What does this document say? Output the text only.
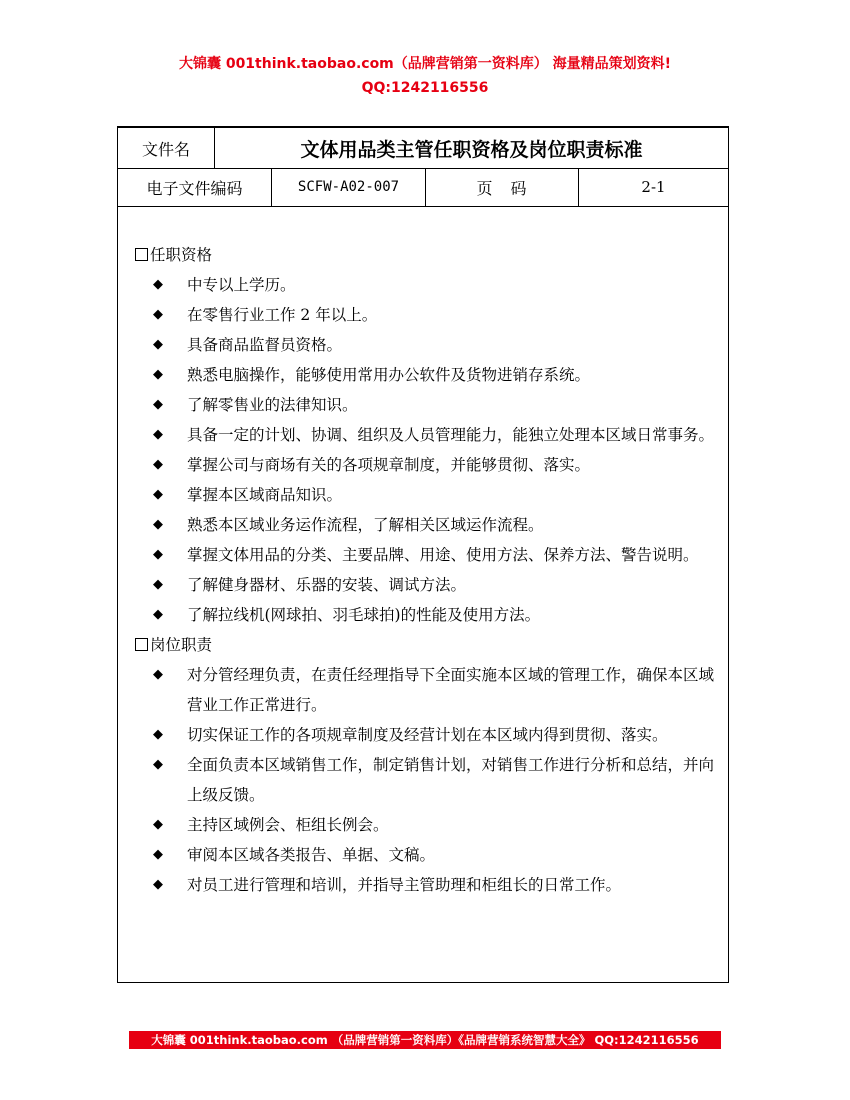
大锦囊 001think.taobao.com（品牌营销第一资料库） 海量精品策划资料!
QQ:1242116556
文件名	文体用品类主管任职资格及岗位职责标准
电子文件编码	SCFW-A02-007	页　码	2-1
任职资格
◆ 中专以上学历。
◆ 在零售行业工作 2 年以上。
◆ 具备商品监督员资格。
◆ 熟悉电脑操作，能够使用常用办公软件及货物进销存系统。
◆ 了解零售业的法律知识。
◆ 具备一定的计划、协调、组织及人员管理能力，能独立处理本区域日常事务。
◆ 掌握公司与商场有关的各项规章制度，并能够贯彻、落实。
◆ 掌握本区域商品知识。
◆ 熟悉本区域业务运作流程，了解相关区域运作流程。
◆ 掌握文体用品的分类、主要品牌、用途、使用方法、保养方法、警告说明。
◆ 了解健身器材、乐器的安装、调试方法。
◆ 了解拉线机(网球拍、羽毛球拍)的性能及使用方法。
岗位职责
◆ 对分管经理负责，在责任经理指导下全面实施本区域的管理工作，确保本区域营业工作正常进行。
◆ 切实保证工作的各项规章制度及经营计划在本区域内得到贯彻、落实。
◆ 全面负责本区域销售工作，制定销售计划，对销售工作进行分析和总结，并向上级反馈。
◆ 主持区域例会、柜组长例会。
◆ 审阅本区域各类报告、单据、文稿。
◆ 对员工进行管理和培训，并指导主管助理和柜组长的日常工作。
大锦囊 001think.taobao.com （品牌营销第一资料库）《品牌营销系统智慧大全》 QQ:1242116556
